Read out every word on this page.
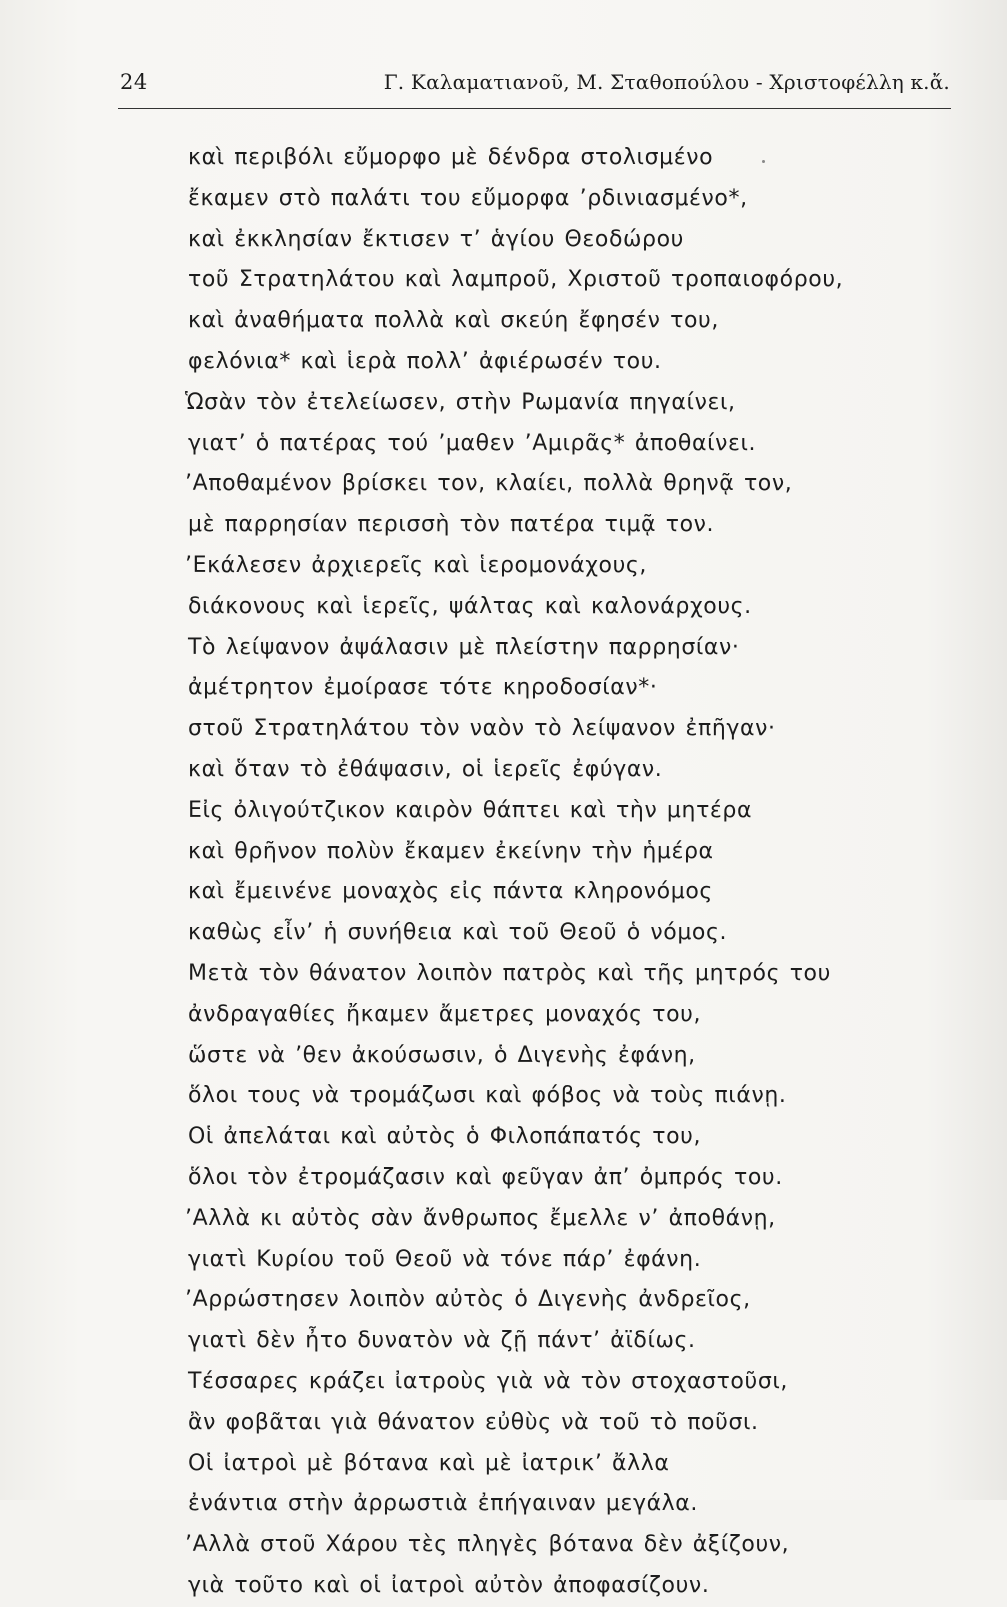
24	Γ. Καλαματιανοῦ, Μ. Σταθοπούλου - Χριστοφέλλη κ.ἄ.
καὶ περιβόλι εὔμορφο μὲ δένδρα στολισμένο
ἔκαμεν στὸ παλάτι του εὔμορφα ’ρδινιασμένο*,
καὶ ἐκκλησίαν ἔκτισεν τ’ ἁγίου Θεοδώρου
τοῦ Στρατηλάτου καὶ λαμπροῦ, Χριστοῦ τροπαιοφόρου,
καὶ ἀναθήματα πολλὰ καὶ σκεύη ἔφησέν του,
φελόνια* καὶ ἱερὰ πολλ’ ἀφιέρωσέν του.
Ὡσὰν τὸν ἐτελείωσεν, στὴν Ρωμανία πηγαίνει,
γιατ’ ὁ πατέρας τού ’μαθεν ’Αμιρᾶς* ἀποθαίνει.
’Αποθαμένον βρίσκει τον, κλαίει, πολλὰ θρηνᾷ τον,
μὲ παρρησίαν περισσὴ τὸν πατέρα τιμᾷ τον.
’Εκάλεσεν ἀρχιερεῖς καὶ ἱερομονάχους,
διάκονους καὶ ἱερεῖς, ψάλτας καὶ καλονάρχους.
Τὸ λείψανον ἀψάλασιν μὲ πλείστην παρρησίαν·
ἀμέτρητον ἐμοίρασε τότε κηροδοσίαν*·
στοῦ Στρατηλάτου τὸν ναὸν τὸ λείψανον ἐπῆγαν·
καὶ ὅταν τὸ ἐθάψασιν, οἱ ἱερεῖς ἐφύγαν.
Εἰς ὀλιγούτζικον καιρὸν θάπτει καὶ τὴν μητέρα
καὶ θρῆνον πολὺν ἔκαμεν ἐκείνην τὴν ἡμέρα
καὶ ἔμεινένε μοναχὸς εἰς πάντα κληρονόμος
καθὼς εἶν’ ἡ συνήθεια καὶ τοῦ Θεοῦ ὁ νόμος.
Μετὰ τὸν θάνατον λοιπὸν πατρὸς καὶ τῆς μητρός του
ἀνδραγαθίες ἤκαμεν ἄμετρες μοναχός του,
ὥστε νὰ ’θεν ἀκούσωσιν, ὁ Διγενὴς ἐφάνη,
ὅλοι τους νὰ τρομάζωσι καὶ φόβος νὰ τοὺς πιάνῃ.
Οἱ ἀπελάται καὶ αὐτὸς ὁ Φιλοπάπατός του,
ὅλοι τὸν ἐτρομάζασιν καὶ φεῦγαν ἀπ’ ὀμπρός του.
’Αλλὰ κι αὐτὸς σὰν ἄνθρωπος ἔμελλε ν’ ἀποθάνῃ,
γιατὶ Κυρίου τοῦ Θεοῦ νὰ τόνε πάρ’ ἐφάνη.
’Αρρώστησεν λοιπὸν αὐτὸς ὁ Διγενὴς ἀνδρεῖος,
γιατὶ δὲν ἦτο δυνατὸν νὰ ζῇ πάντ’ ἀϊδίως.
Τέσσαρες κράζει ἰατροὺς γιὰ νὰ τὸν στοχαστοῦσι,
ἂν φοβᾶται γιὰ θάνατον εὐθὺς νὰ τοῦ τὸ ποῦσι.
Οἱ ἰατροὶ μὲ βότανα καὶ μὲ ἰατρικ’ ἄλλα
ἐνάντια στὴν ἀρρωστιὰ ἐπήγαιναν μεγάλα.
’Αλλὰ στοῦ Χάρου τὲς πληγὲς βότανα δὲν ἀξίζουν,
γιὰ τοῦτο καὶ οἱ ἰατροὶ αὐτὸν ἀποφασίζουν.
